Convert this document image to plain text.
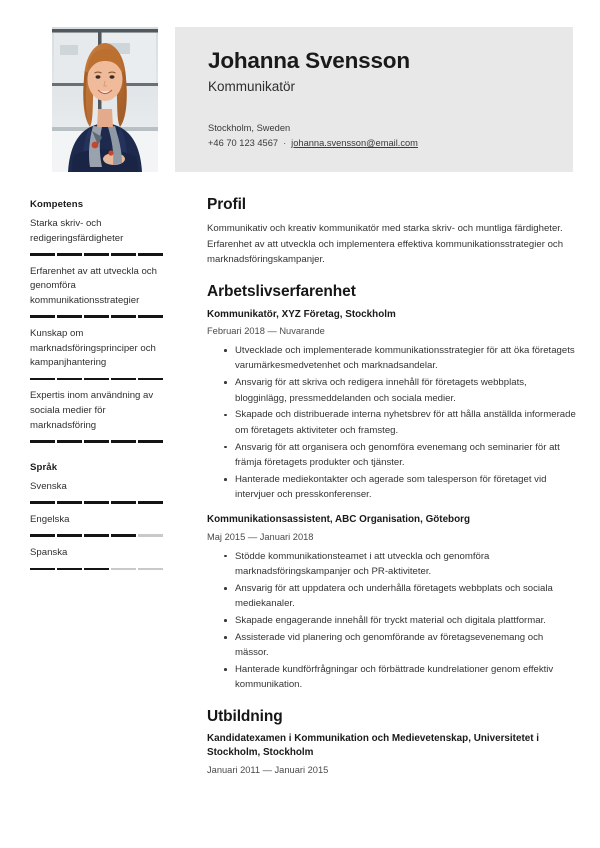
Johanna Svensson
Kommunikatör
Stockholm, Sweden
+46 70 123 4567 · johanna.svensson@email.com
Kompetens
Starka skriv- och redigeringsfärdigheter
Erfarenhet av att utveckla och genomföra kommunikationsstrategier
Kunskap om marknadsföringsprinciper och kampanjhantering
Expertis inom användning av sociala medier för marknadsföring
Språk
Svenska
Engelska
Spanska
Profil

Kommunikativ och kreativ kommunikatör med starka skriv- och muntliga färdigheter. Erfarenhet av att utveckla och implementera effektiva kommunikationsstrategier och marknadsföringskampanjer.

Arbetslivserfarenhet
Kommunikatör, XYZ Företag, Stockholm
Februari 2018 — Nuvarande
Utvecklade och implementerade kommunikationsstrategier för att öka företagets varumärkesmedvetenhet och marknadsandelar.
Ansvarig för att skriva och redigera innehåll för företagets webbplats, blogginlägg, pressmeddelanden och sociala medier.
Skapade och distribuerade interna nyhetsbrev för att hålla anställda informerade om företagets aktiviteter och framsteg.
Ansvarig för att organisera och genomföra evenemang och seminarier för att främja företagets produkter och tjänster.
Hanterade mediekontakter och agerade som talesperson för företaget vid intervjuer och presskonferenser.
Kommunikationsassistent, ABC Organisation, Göteborg
Maj 2015 — Januari 2018
Stödde kommunikationsteamet i att utveckla och genomföra marknadsföringskampanjer och PR-aktiviteter.
Ansvarig för att uppdatera och underhålla företagets webbplats och sociala mediekanaler.
Skapade engagerande innehåll för tryckt material och digitala plattformar.
Assisterade vid planering och genomförande av företagsevenemang och mässor.
Hanterade kundförfrågningar och förbättrade kundrelationer genom effektiv kommunikation.
Utbildning
Kandidatexamen i Kommunikation och Medievetenskap, Universitetet i Stockholm, Stockholm
Januari 2011 — Januari 2015
